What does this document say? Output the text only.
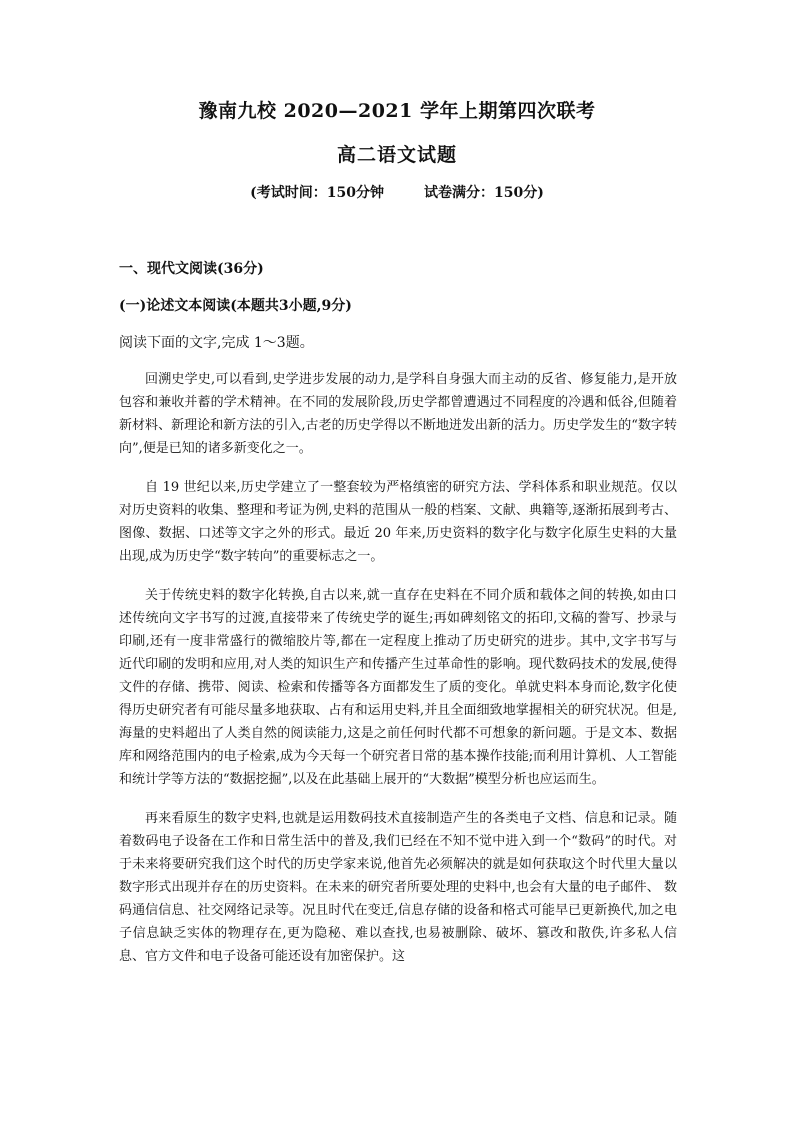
豫南九校 2020—2021 学年上期第四次联考
高二语文试题
(考试时间：150分钟	试卷满分：150分)
一、现代文阅读(36分)
(一)论述文本阅读(本题共3小题,9分)
阅读下面的文字,完成 1～3题。

回溯史学史,可以看到,史学进步发展的动力,是学科自身强大而主动的反省、修复能力,是开放包容和兼收并蓄的学术精神。在不同的发展阶段,历史学都曾遭遇过不同程度的冷遇和低谷,但随着新材料、新理论和新方法的引入,古老的历史学得以不断地迸发出新的活力。历史学发生的“数字转向”,便是已知的诸多新变化之一。

自 19 世纪以来,历史学建立了一整套较为严格缜密的研究方法、学科体系和职业规范。仅以对历史资料的收集、整理和考证为例,史料的范围从一般的档案、文献、典籍等,逐渐拓展到考古、图像、数据、口述等文字之外的形式。最近 20 年来,历史资料的数字化与数字化原生史料的大量出现,成为历史学“数字转向”的重要标志之一。

关于传统史料的数字化转换,自古以来,就一直存在史料在不同介质和载体之间的转换,如由口述传统向文字书写的过渡,直接带来了传统史学的诞生;再如碑刻铭文的拓印,文稿的誊写、抄录与印刷,还有一度非常盛行的微缩胶片等,都在一定程度上推动了历史研究的进步。其中,文字书写与近代印刷的发明和应用,对人类的知识生产和传播产生过革命性的影响。现代数码技术的发展,使得文件的存储、携带、阅读、检索和传播等各方面都发生了质的变化。单就史料本身而论,数字化使得历史研究者有可能尽量多地获取、占有和运用史料,并且全面细致地掌握相关的研究状况。但是,海量的史料超出了人类自然的阅读能力,这是之前任何时代都不可想象的新问题。于是文本、数据库和网络范围内的电子检索,成为今天每一个研究者日常的基本操作技能;而利用计算机、人工智能和统计学等方法的“数据挖掘”,以及在此基础上展开的“大数据”模型分析也应运而生。

再来看原生的数字史料,也就是运用数码技术直接制造产生的各类电子文档、信息和记录。随着数码电子设备在工作和日常生活中的普及,我们已经在不知不觉中进入到一个“数码”的时代。对于未来将要研究我们这个时代的历史学家来说,他首先必须解决的就是如何获取这个时代里大量以数字形式出现并存在的历史资料。在未来的研究者所要处理的史料中,也会有大量的电子邮件、 数码通信信息、社交网络记录等。况且时代在变迁,信息存储的设备和格式可能早已更新换代,加之电子信息缺乏实体的物理存在,更为隐秘、难以查找,也易被删除、破坏、篡改和散佚,许多私人信息、官方文件和电子设备可能还设有加密保护。这
